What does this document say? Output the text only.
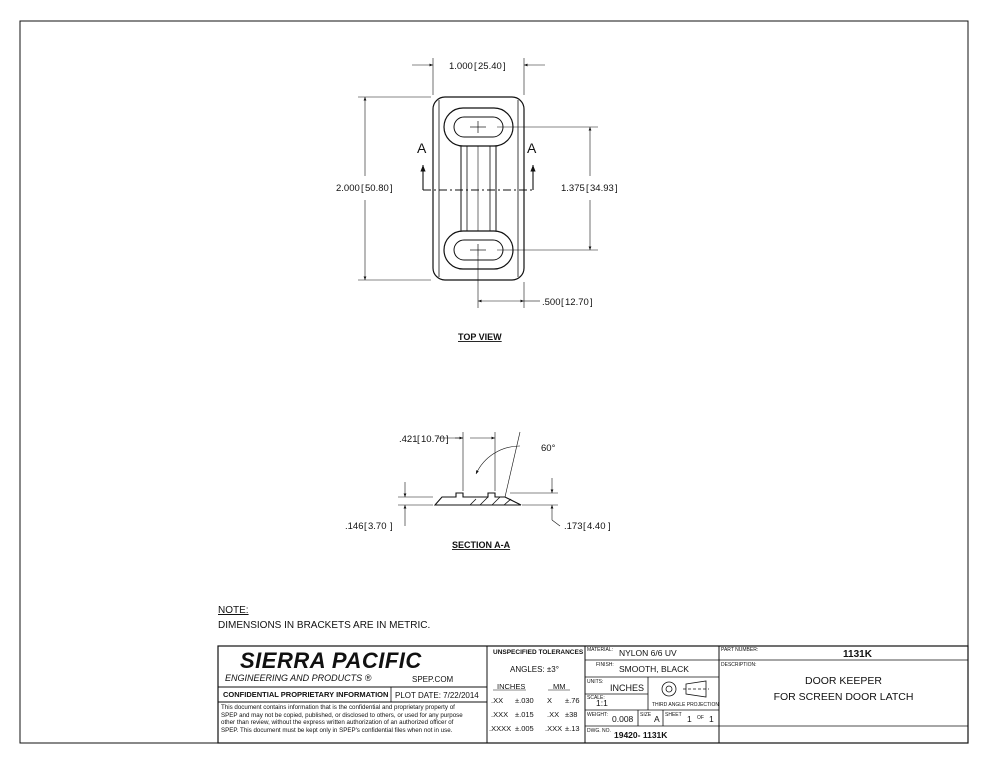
A	A
1.000 [ 25.40 ]
2.000 [ 50.80 ]	1.375 [ 34.93 ]
.500 [ 12.70 ]
TOP VIEW
.421 [ 10.70 ]
60°
.146 [ 3.70 ]	.173 [ 4.40 ]
SECTION A-A
NOTE:
DIMENSIONS IN BRACKETS ARE IN METRIC.
SIERRA PACIFIC
ENGINEERING AND PRODUCTS ®	SPEP.COM
CONFIDENTIAL PROPRIETARY INFORMATION PLOT DATE: 7/22/2014
This document contains information that is the confidential and proprietary property of
SPEP and may not be copied, published, or disclosed to others, or used for any purpose
other than review, without the express written authorization of an authorized officer of
SPEP. This document must be kept only in SPEP's confidential files when not in use.
UNSPECIFIED TOLERANCES
ANGLES: ±3°
INCHES	MM
.XX ±.030 X ±.76
.XXX ±.015 .XX ±38
.XXXX ±.005 .XXX ±.13
MATERIAL: NYLON 6/6 UV
FINISH: SMOOTH, BLACK
UNITS:
INCHES
SCALE:
1:1	THIRD ANGLE PROJECTION
WEIGHT: 0.008 SIZE A SHEET 1 OF 1
DWG. NO. 19420- 1131K
PART NUMBER:	1131K
DESCRIPTION:
DOOR KEEPER
FOR SCREEN DOOR LATCH
